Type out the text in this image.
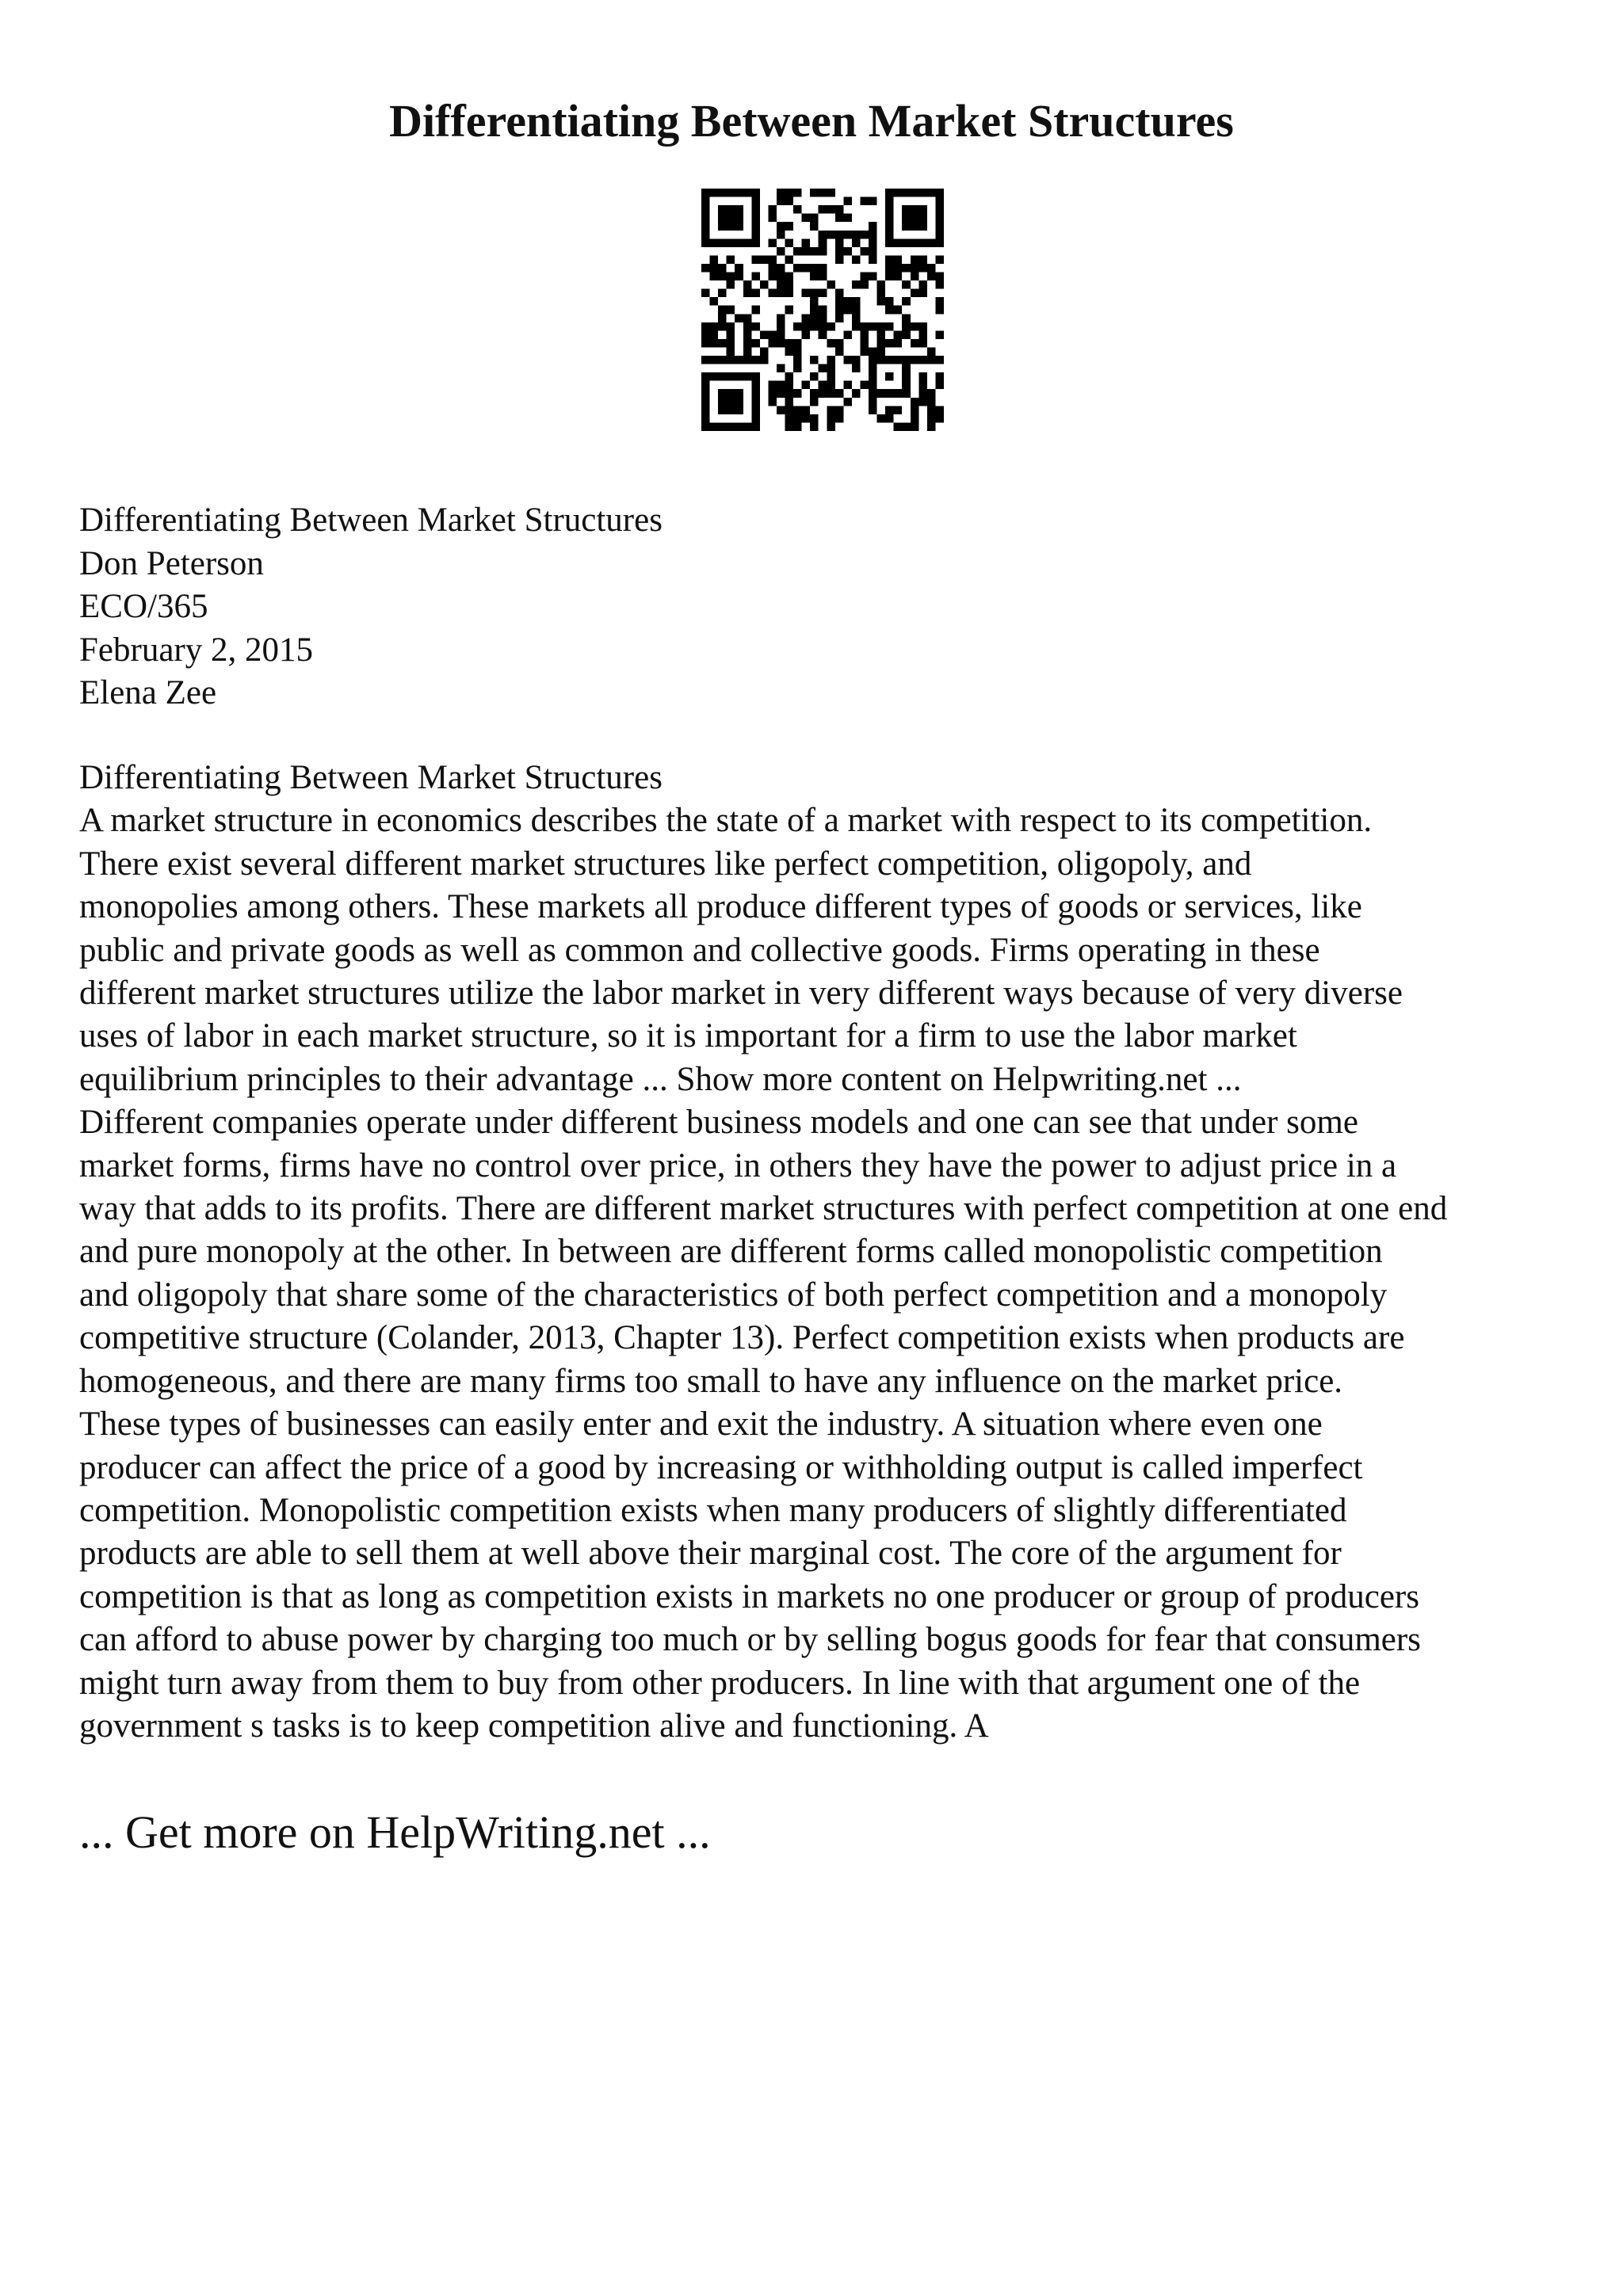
Differentiating Between Market Structures
Differentiating Between Market Structures
Don Peterson
ECO/365
February 2, 2015
Elena Zee
Differentiating Between Market Structures
A market structure in economics describes the state of a market with respect to its competition.
There exist several different market structures like perfect competition, oligopoly, and
monopolies among others. These markets all produce different types of goods or services, like
public and private goods as well as common and collective goods. Firms operating in these
different market structures utilize the labor market in very different ways because of very diverse
uses of labor in each market structure, so it is important for a firm to use the labor market
equilibrium principles to their advantage ... Show more content on Helpwriting.net ...
Different companies operate under different business models and one can see that under some
market forms, firms have no control over price, in others they have the power to adjust price in a
way that adds to its profits. There are different market structures with perfect competition at one end
and pure monopoly at the other. In between are different forms called monopolistic competition
and oligopoly that share some of the characteristics of both perfect competition and a monopoly
competitive structure (Colander, 2013, Chapter 13). Perfect competition exists when products are
homogeneous, and there are many firms too small to have any influence on the market price.
These types of businesses can easily enter and exit the industry. A situation where even one
producer can affect the price of a good by increasing or withholding output is called imperfect
competition. Monopolistic competition exists when many producers of slightly differentiated
products are able to sell them at well above their marginal cost. The core of the argument for
competition is that as long as competition exists in markets no one producer or group of producers
can afford to abuse power by charging too much or by selling bogus goods for fear that consumers
might turn away from them to buy from other producers. In line with that argument one of the
government s tasks is to keep competition alive and functioning. A
... Get more on HelpWriting.net ...
